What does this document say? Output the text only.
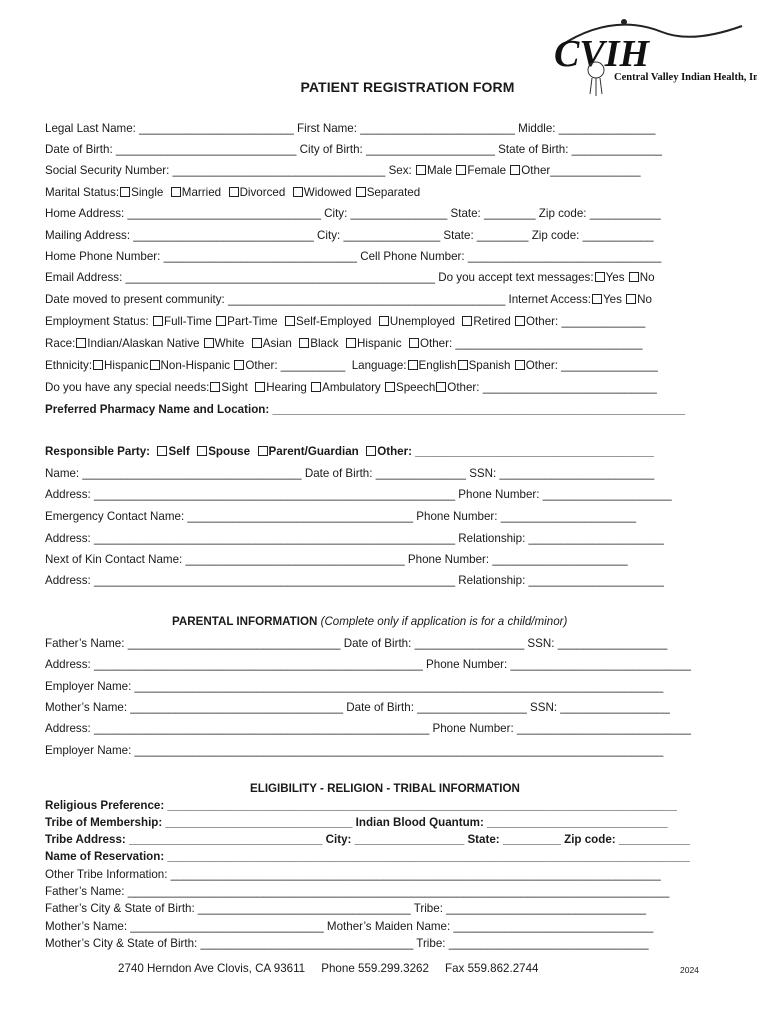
CVIH
Central Valley Indian Health, Inc.
PATIENT REGISTRATION FORM
Legal Last Name: ________________________ First Name: ________________________ Middle: _______________
Date of Birth: ____________________________ City of Birth: ____________________ State of Birth: ______________
Social Security Number: _________________________________ Sex: Male Female Other______________
Marital Status: Single Married Divorced Widowed Separated
Home Address: ______________________________ City: _______________ State: ________ Zip code: ___________
Mailing Address: ____________________________ City: _______________ State: ________ Zip code: ___________
Home Phone Number: ______________________________ Cell Phone Number: ______________________________
Email Address: ________________________________________________ Do you accept text messages: Yes No
Date moved to present community: ___________________________________________ Internet Access: Yes No
Employment Status: Full-Time Part-Time Self-Employed Unemployed Retired Other: _____________
Race: Indian/Alaskan Native White Asian Black Hispanic Other: _____________________________
Ethnicity: Hispanic Non-Hispanic Other: __________ Language: English Spanish Other: _______________
Do you have any special needs: Sight Hearing Ambulatory Speech Other: ___________________________
Preferred Pharmacy Name and Location: ________________________________________________________________
Responsible Party: Self Spouse Parent/Guardian Other: _____________________________________
Name: __________________________________ Date of Birth: ______________ SSN: ________________________
Address: ________________________________________________________ Phone Number: ____________________
Emergency Contact Name: ___________________________________ Phone Number: _____________________
Address: ________________________________________________________ Relationship: _____________________
Next of Kin Contact Name: __________________________________ Phone Number: _____________________
Address: ________________________________________________________ Relationship: _____________________
PARENTAL INFORMATION (Complete only if application is for a child/minor)
Father’s Name: _________________________________ Date of Birth: _________________ SSN: _________________
Address: ___________________________________________________ Phone Number: ____________________________
Employer Name: __________________________________________________________________________________
Mother’s Name: _________________________________ Date of Birth: _________________ SSN: _________________
Address: ____________________________________________________ Phone Number: ___________________________
Employer Name: __________________________________________________________________________________
ELIGIBILITY - RELIGION - TRIBAL INFORMATION
Religious Preference: _______________________________________________________________________________
Tribe of Membership: _____________________________ Indian Blood Quantum: ____________________________
Tribe Address: ______________________________ City: _________________ State: _________ Zip code: ___________
Name of Reservation: _________________________________________________________________________________
Other Tribe Information: ____________________________________________________________________________
Father’s Name: ____________________________________________________________________________________
Father’s City & State of Birth: _________________________________ Tribe: _______________________________
Mother’s Name: ______________________________ Mother’s Maiden Name: _______________________________
Mother’s City & State of Birth: _________________________________ Tribe: _______________________________
2740 Herndon Ave Clovis, CA 93611 Phone 559.299.3262 Fax 559.862.2744	2024
